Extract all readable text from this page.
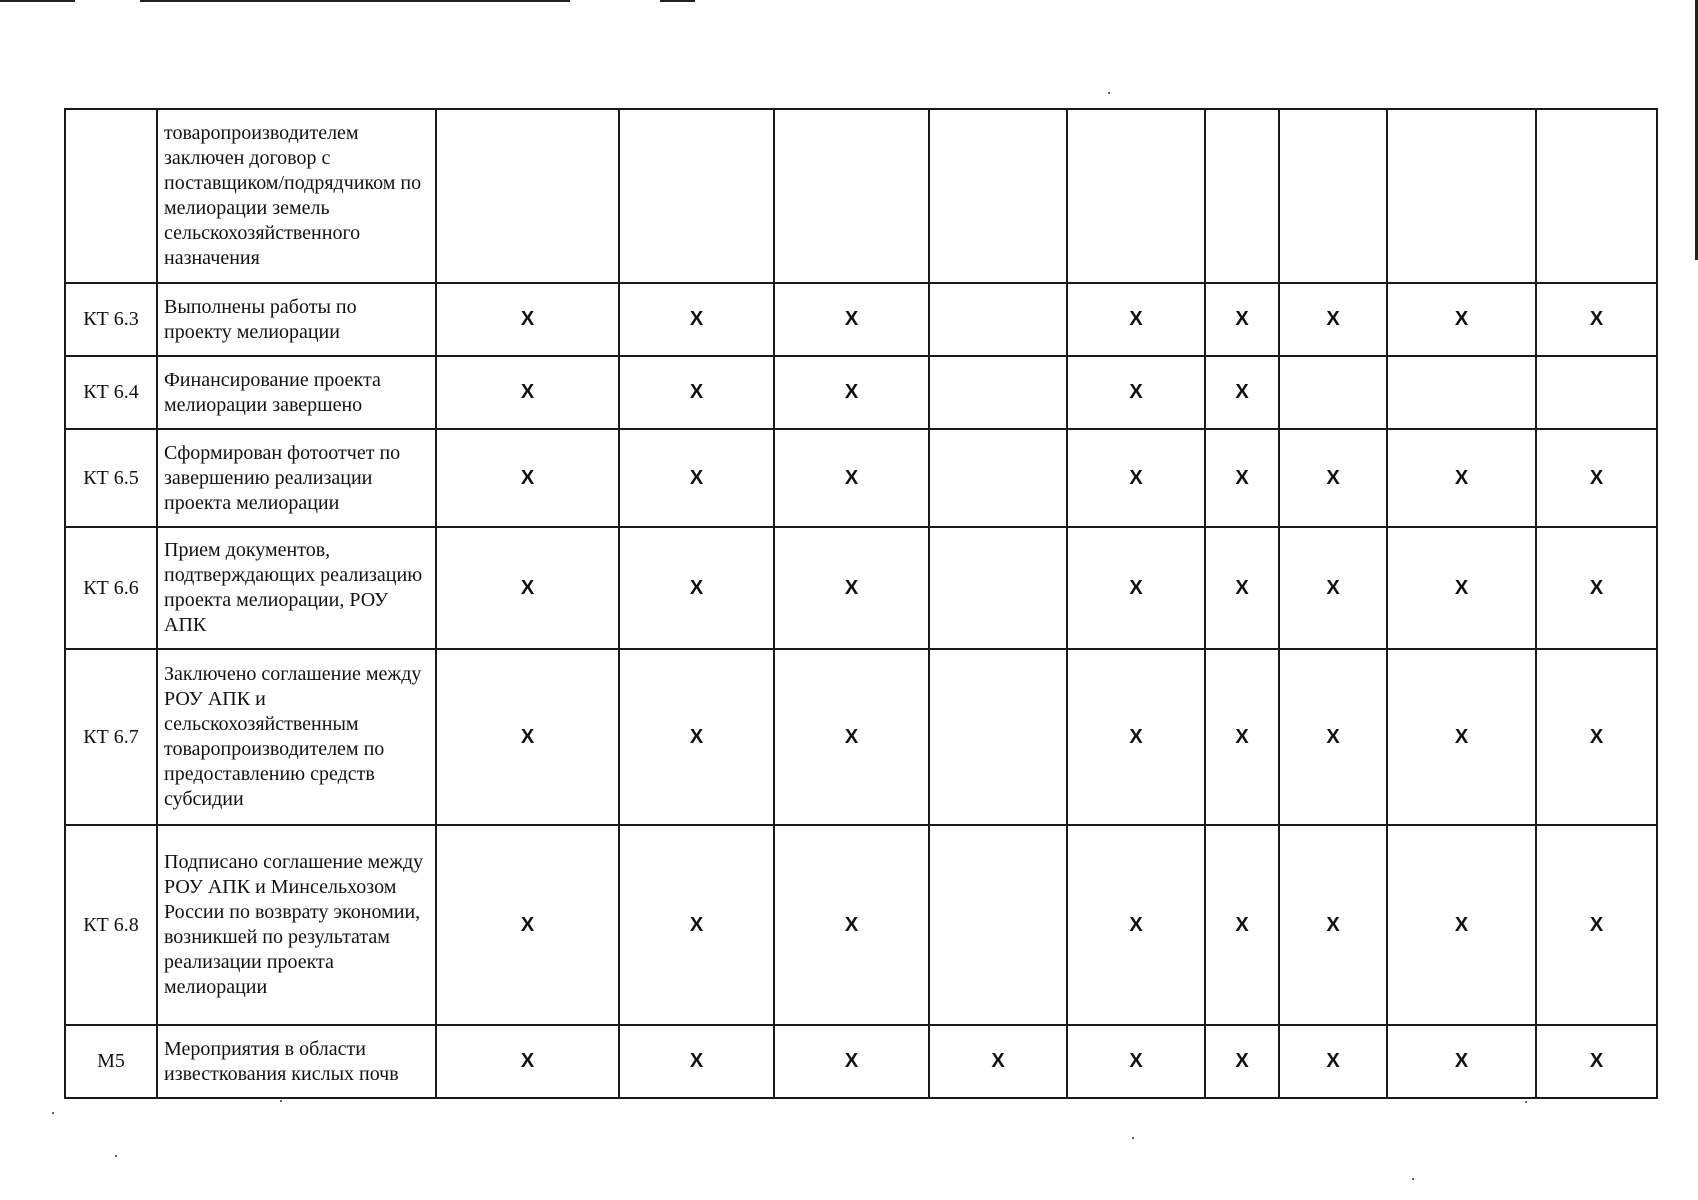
	товаропроизводителем заключен договор с поставщиком/подрядчиком по мелиорации земель сельскохозяйственного назначения									
КТ 6.3	Выполнены работы по проекту мелиорации	Х	Х	Х		Х	Х	Х	Х	Х
КТ 6.4	Финансирование проекта мелиорации завершено	Х	Х	Х		Х	Х			
КТ 6.5	Сформирован фотоотчет по завершению реализации проекта мелиорации	Х	Х	Х		Х	Х	Х	Х	Х
КТ 6.6	Прием документов, подтверждающих реализацию проекта мелиорации, РОУ АПК	Х	Х	Х		Х	Х	Х	Х	Х
КТ 6.7	Заключено соглашение между РОУ АПК и сельскохозяйственным товаропроизводителем по предоставлению средств субсидии	Х	Х	Х		Х	Х	Х	Х	Х
КТ 6.8	Подписано соглашение между РОУ АПК и Минсельхозом России по возврату экономии, возникшей по результатам реализации проекта мелиорации	Х	Х	Х		Х	Х	Х	Х	Х
М5	Мероприятия в области известкования кислых почв	Х	Х	Х	Х	Х	Х	Х	Х	Х
